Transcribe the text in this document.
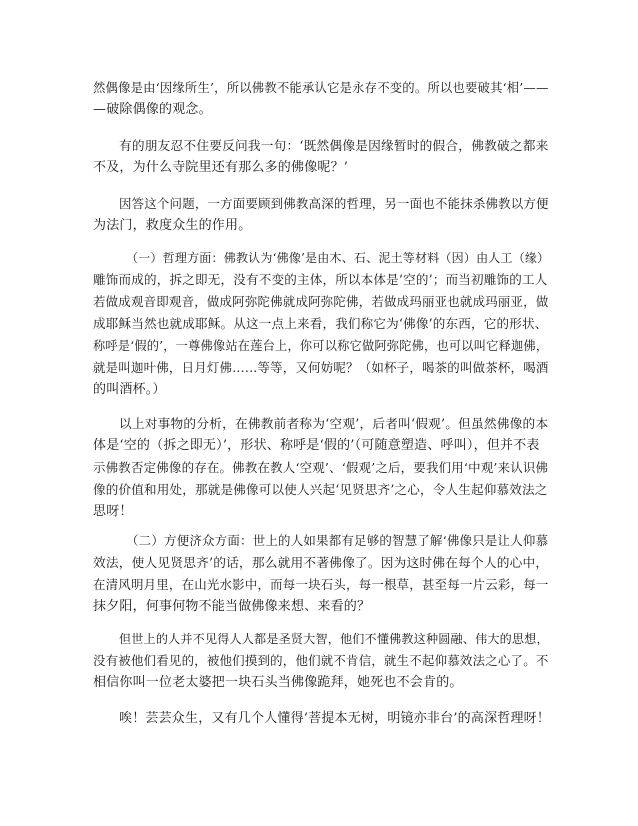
然偶像是由‘因缘所生’，所以佛教不能承认它是永存不变的。所以也要破其‘相’——
—破除偶像的观念。
有的朋友忍不住要反问我一句：‘既然偶像是因缘暂时的假合，佛教破之都来
不及，为什么寺院里还有那么多的佛像呢？’
因答这个问题，一方面要顾到佛教高深的哲理，另一面也不能抹杀佛教以方便
为法门，救度众生的作用。
（一）哲理方面：佛教认为‘佛像’是由木、石、泥土等材料（因）由人工（缘）
雕饰而成的，拆之即无，没有不变的主体，所以本体是‘空的’；而当初雕饰的工人
若做成观音即观音，做成阿弥陀佛就成阿弥陀佛，若做成玛丽亚也就成玛丽亚，做
成耶稣当然也就成耶稣。从这一点上来看，我们称它为‘佛像’的东西，它的形状、
称呼是‘假的’，一尊佛像站在莲台上，你可以称它做阿弥陀佛，也可以叫它释迦佛，
就是叫迦叶佛，日月灯佛……等等，又何妨呢？（如杯子，喝茶的叫做茶杯，喝酒
的叫酒杯。）
以上对事物的分析，在佛教前者称为‘空观’，后者叫‘假观’。但虽然佛像的本
体是‘空的（拆之即无）’，形状、称呼是‘假的’（可随意塑造、呼叫），但并不表
示佛教否定佛像的存在。佛教在教人‘空观’、‘假观’之后，要我们用‘中观’来认识佛
像的价值和用处，那就是佛像可以使人兴起‘见贤思齐’之心，令人生起仰慕效法之
思呀！
（二）方便济众方面：世上的人如果都有足够的智慧了解‘佛像只是让人仰慕
效法，使人见贤思齐’的话，那么就用不著佛像了。因为这时佛在每个人的心中，
在清风明月里，在山光水影中，而每一块石头，每一根草，甚至每一片云彩，每一
抹夕阳，何事何物不能当做佛像来想、来看的？
但世上的人并不见得人人都是圣贤大智，他们不懂佛教这种圆融、伟大的思想，
没有被他们看见的，被他们摸到的，他们就不肯信，就生不起仰慕效法之心了。不
相信你叫一位老太婆把一块石头当佛像跪拜，她死也不会肯的。
唉！芸芸众生，又有几个人懂得‘菩提本无树，明镜亦非台’的高深哲理呀！
